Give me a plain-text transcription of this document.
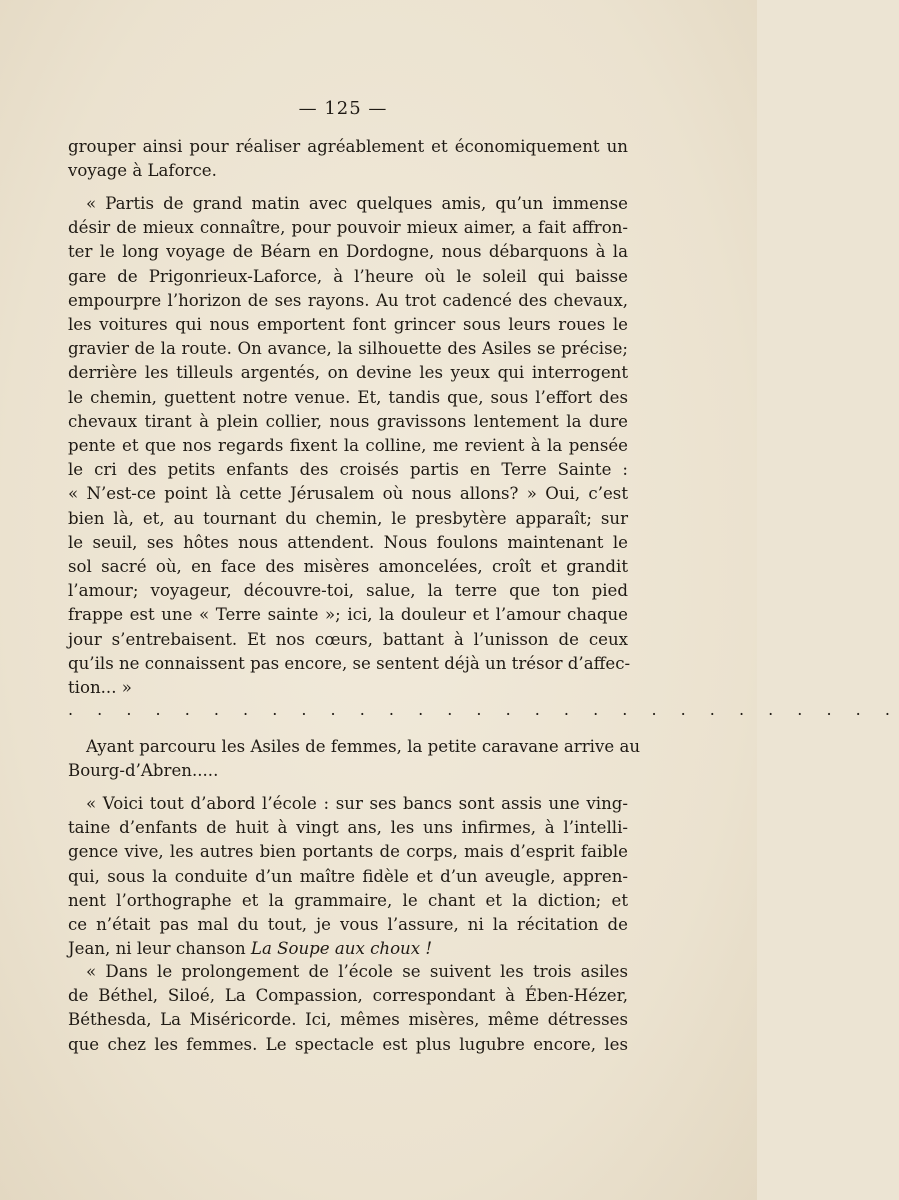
— 125 —
grouper ainsi pour réaliser agréablement et économiquement un
voyage à Laforce.
« Partis de grand matin avec quelques amis, qu’un immense
désir de mieux connaître, pour pouvoir mieux aimer, a fait affron-
ter le long voyage de Béarn en Dordogne, nous débarquons à la
gare de Prigonrieux-Laforce, à l’heure où le soleil qui baisse
empourpre l’horizon de ses rayons. Au trot cadencé des chevaux,
les voitures qui nous emportent font grincer sous leurs roues le
gravier de la route. On avance, la silhouette des Asiles se précise;
derrière les tilleuls argentés, on devine les yeux qui interrogent
le chemin, guettent notre venue. Et, tandis que, sous l’effort des
chevaux tirant à plein collier, nous gravissons lentement la dure
pente et que nos regards fixent la colline, me revient à la pensée
le cri des petits enfants des croisés partis en Terre Sainte :
« N’est-ce point là cette Jérusalem où nous allons? » Oui, c’est
bien là, et, au tournant du chemin, le presbytère apparaît; sur
le seuil, ses hôtes nous attendent. Nous foulons maintenant le
sol sacré où, en face des misères amoncelées, croît et grandit
l’amour; voyageur, découvre-toi, salue, la terre que ton pied
frappe est une « Terre sainte »; ici, la douleur et l’amour chaque
jour s’entrebaisent. Et nos cœurs, battant à l’unisson de ceux
qu’ils ne connaissent pas encore, se sentent déjà un trésor d’affec-
tion... »
. . . . . . . . . . . . . . . . . . . . . . . . . . . . .
Ayant parcouru les Asiles de femmes, la petite caravane arrive au
Bourg-d’Abren.....
« Voici tout d’abord l’école : sur ses bancs sont assis une ving-
taine d’enfants de huit à vingt ans, les uns infirmes, à l’intelli-
gence vive, les autres bien portants de corps, mais d’esprit faible
qui, sous la conduite d’un maître fidèle et d’un aveugle, appren-
nent l’orthographe et la grammaire, le chant et la diction; et
ce n’était pas mal du tout, je vous l’assure, ni la récitation de
Jean, ni leur chanson La Soupe aux choux !
« Dans le prolongement de l’école se suivent les trois asiles
de Béthel, Siloé, La Compassion, correspondant à Ében-Hézer,
Béthesda, La Miséricorde. Ici, mêmes misères, même détresses
que chez les femmes. Le spectacle est plus lugubre encore, les
